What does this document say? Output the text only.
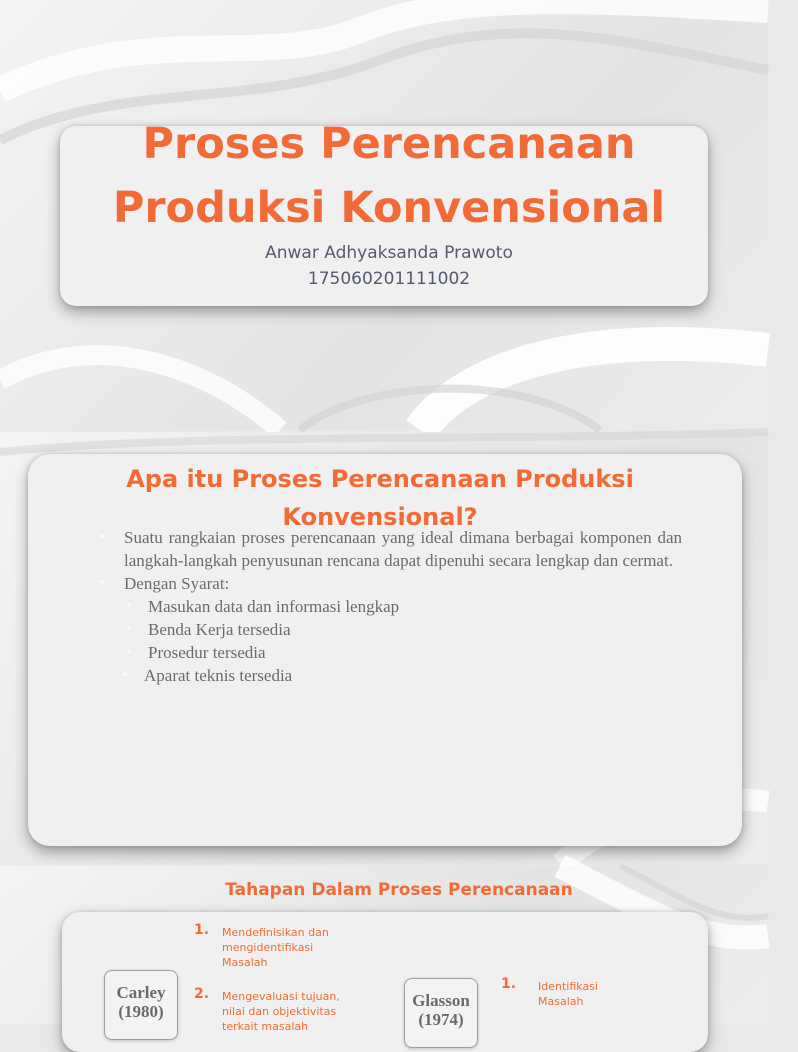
Proses Perencanaan
Produksi Konvensional
Anwar Adhyaksanda Prawoto
175060201111002
Apa itu Proses Perencanaan Produksi
Konvensional?
Suatu rangkaian proses perencanaan yang ideal dimana berbagai komponen dan langkah-langkah penyusunan rencana dapat dipenuhi secara lengkap dan cermat.
Dengan Syarat:
Masukan data dan informasi lengkap
Benda Kerja tersedia
Prosedur tersedia
Aparat teknis tersedia
Tahapan Dalam Proses Perencanaan
Carley
(1980)
1. Mendefinisikan dan mengidentifikasi Masalah
2. Mengevaluasi tujuan, nilai dan objektivitas terkait masalah
Glasson
(1974)
1. Identifikasi Masalah
